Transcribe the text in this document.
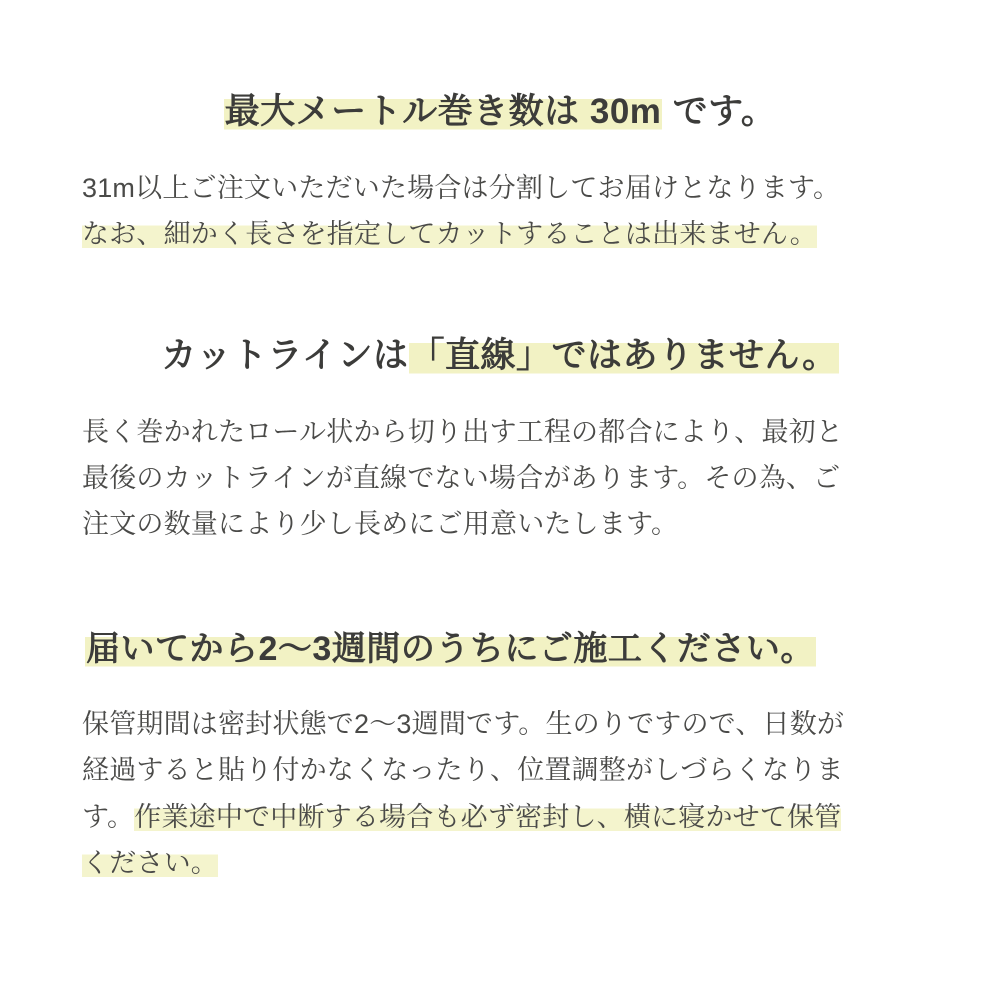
最大メートル巻き数は 30m です。
31m以上ご注文いただいた場合は分割してお届けとなります。
なお、細かく長さを指定してカットすることは出来ません。
カットラインは「直線」ではありません。
長く巻かれたロール状から切り出す工程の都合により、最初と
最後のカットラインが直線でない場合があります。その為、ご
注文の数量により少し長めにご用意いたします。
届いてから2〜3週間のうちにご施工ください。
保管期間は密封状態で2〜3週間です。生のりですので、日数が
経過すると貼り付かなくなったり、位置調整がしづらくなりま
す。作業途中で中断する場合も必ず密封し、横に寝かせて保管
ください。
